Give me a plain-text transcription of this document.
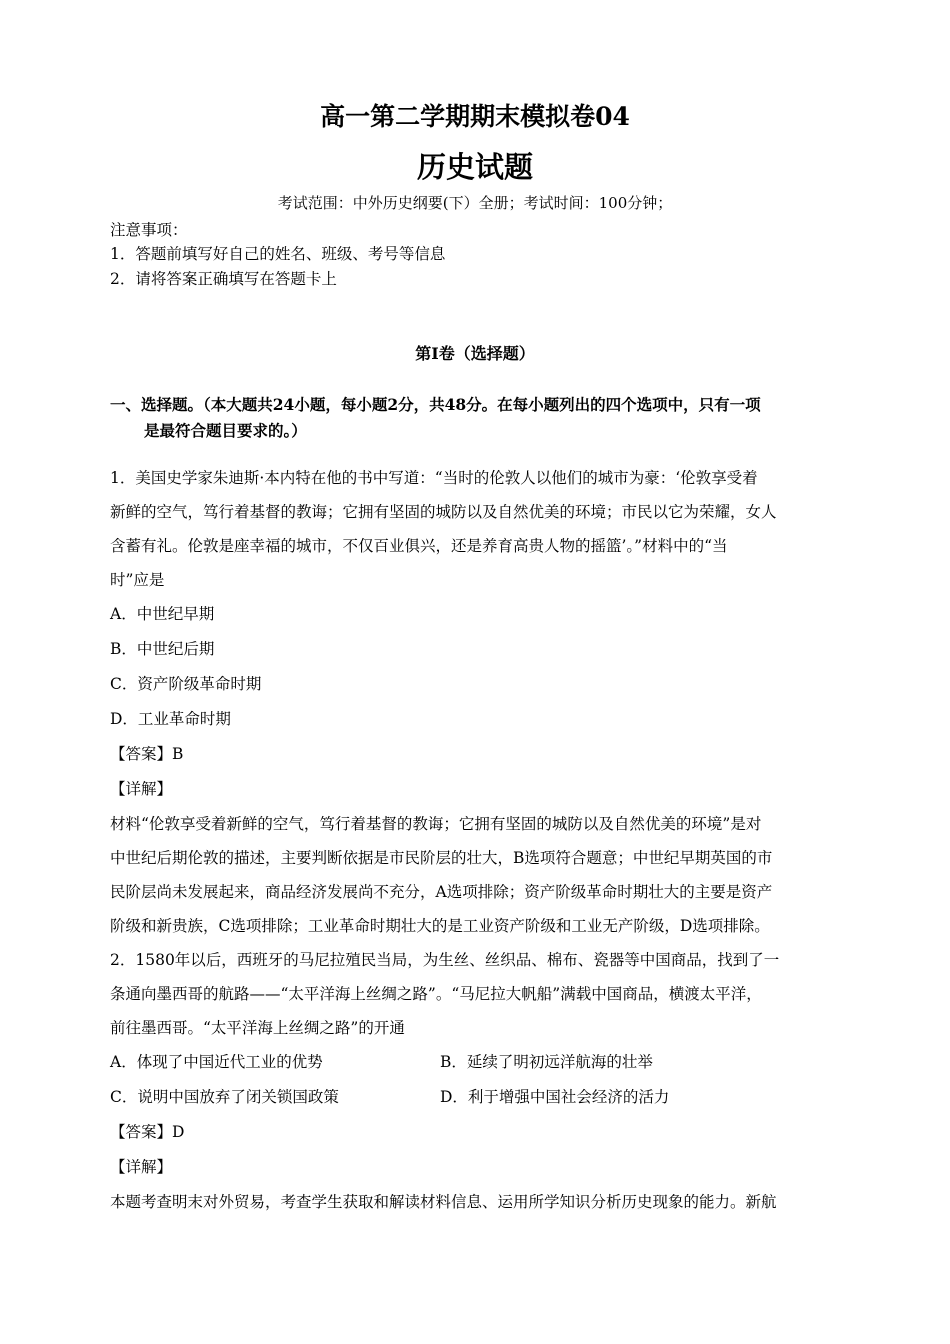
高一第二学期期末模拟卷04
历史试题
考试范围：中外历史纲要(下）全册；考试时间：100分钟；
注意事项：
1．答题前填写好自己的姓名、班级、考号等信息
2．请将答案正确填写在答题卡上
第Ⅰ卷（选择题）
一、选择题。（本大题共24小题，每小题2分，共48分。在每小题列出的四个选项中，只有一项
是最符合题目要求的。）

1．美国史学家朱迪斯·本内特在他的书中写道：“当时的伦敦人以他们的城市为豪：‘伦敦享受着

新鲜的空气，笃行着基督的教诲；它拥有坚固的城防以及自然优美的环境；市民以它为荣耀，女人

含蓄有礼。伦敦是座幸福的城市，不仅百业俱兴，还是养育高贵人物的摇篮’。”材料中的“当

时”应是

A．中世纪早期

B．中世纪后期

C．资产阶级革命时期

D．工业革命时期

【答案】B

【详解】

材料“伦敦享受着新鲜的空气，笃行着基督的教诲；它拥有坚固的城防以及自然优美的环境”是对

中世纪后期伦敦的描述，主要判断依据是市民阶层的壮大，B选项符合题意；中世纪早期英国的市

民阶层尚未发展起来，商品经济发展尚不充分，A选项排除；资产阶级革命时期壮大的主要是资产

阶级和新贵族，C选项排除；工业革命时期壮大的是工业资产阶级和工业无产阶级，D选项排除。

2．1580年以后，西班牙的马尼拉殖民当局，为生丝、丝织品、棉布、瓷器等中国商品，找到了一

条通向墨西哥的航路——“太平洋海上丝绸之路”。“马尼拉大帆船”满载中国商品，横渡太平洋，

前往墨西哥。“太平洋海上丝绸之路”的开通

A．体现了中国近代工业的优势	B．延续了明初远洋航海的壮举
C．说明中国放弃了闭关锁国政策	D．利于增强中国社会经济的活力

【答案】D

【详解】

本题考查明末对外贸易，考查学生获取和解读材料信息、运用所学知识分析历史现象的能力。新航
